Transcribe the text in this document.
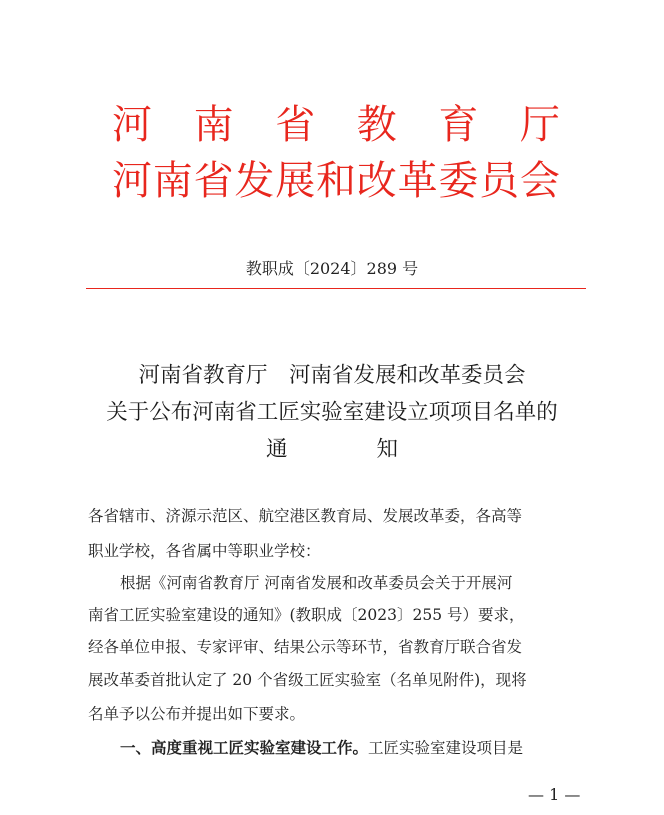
河 南 省 教 育 厅
河 南 省 发 展 和 改 革 委 员 会
教职成〔2024〕289 号
河南省教育厅　河南省发展和改革委员会
关于公布河南省工匠实验室建设立项项目名单的
通	知
各省辖市、济源示范区、航空港区教育局、发展改革委，各高等
职业学校，各省属中等职业学校：
根据《河南省教育厅 河南省发展和改革委员会关于开展河
南省工匠实验室建设的通知》(教职成〔2023〕255 号）要求，
经各单位申报、专家评审、结果公示等环节，省教育厅联合省发
展改革委首批认定了 20 个省级工匠实验室（名单见附件)，现将
名单予以公布并提出如下要求。
一、高度重视工匠实验室建设工作。工匠实验室建设项目是
— 1 —
